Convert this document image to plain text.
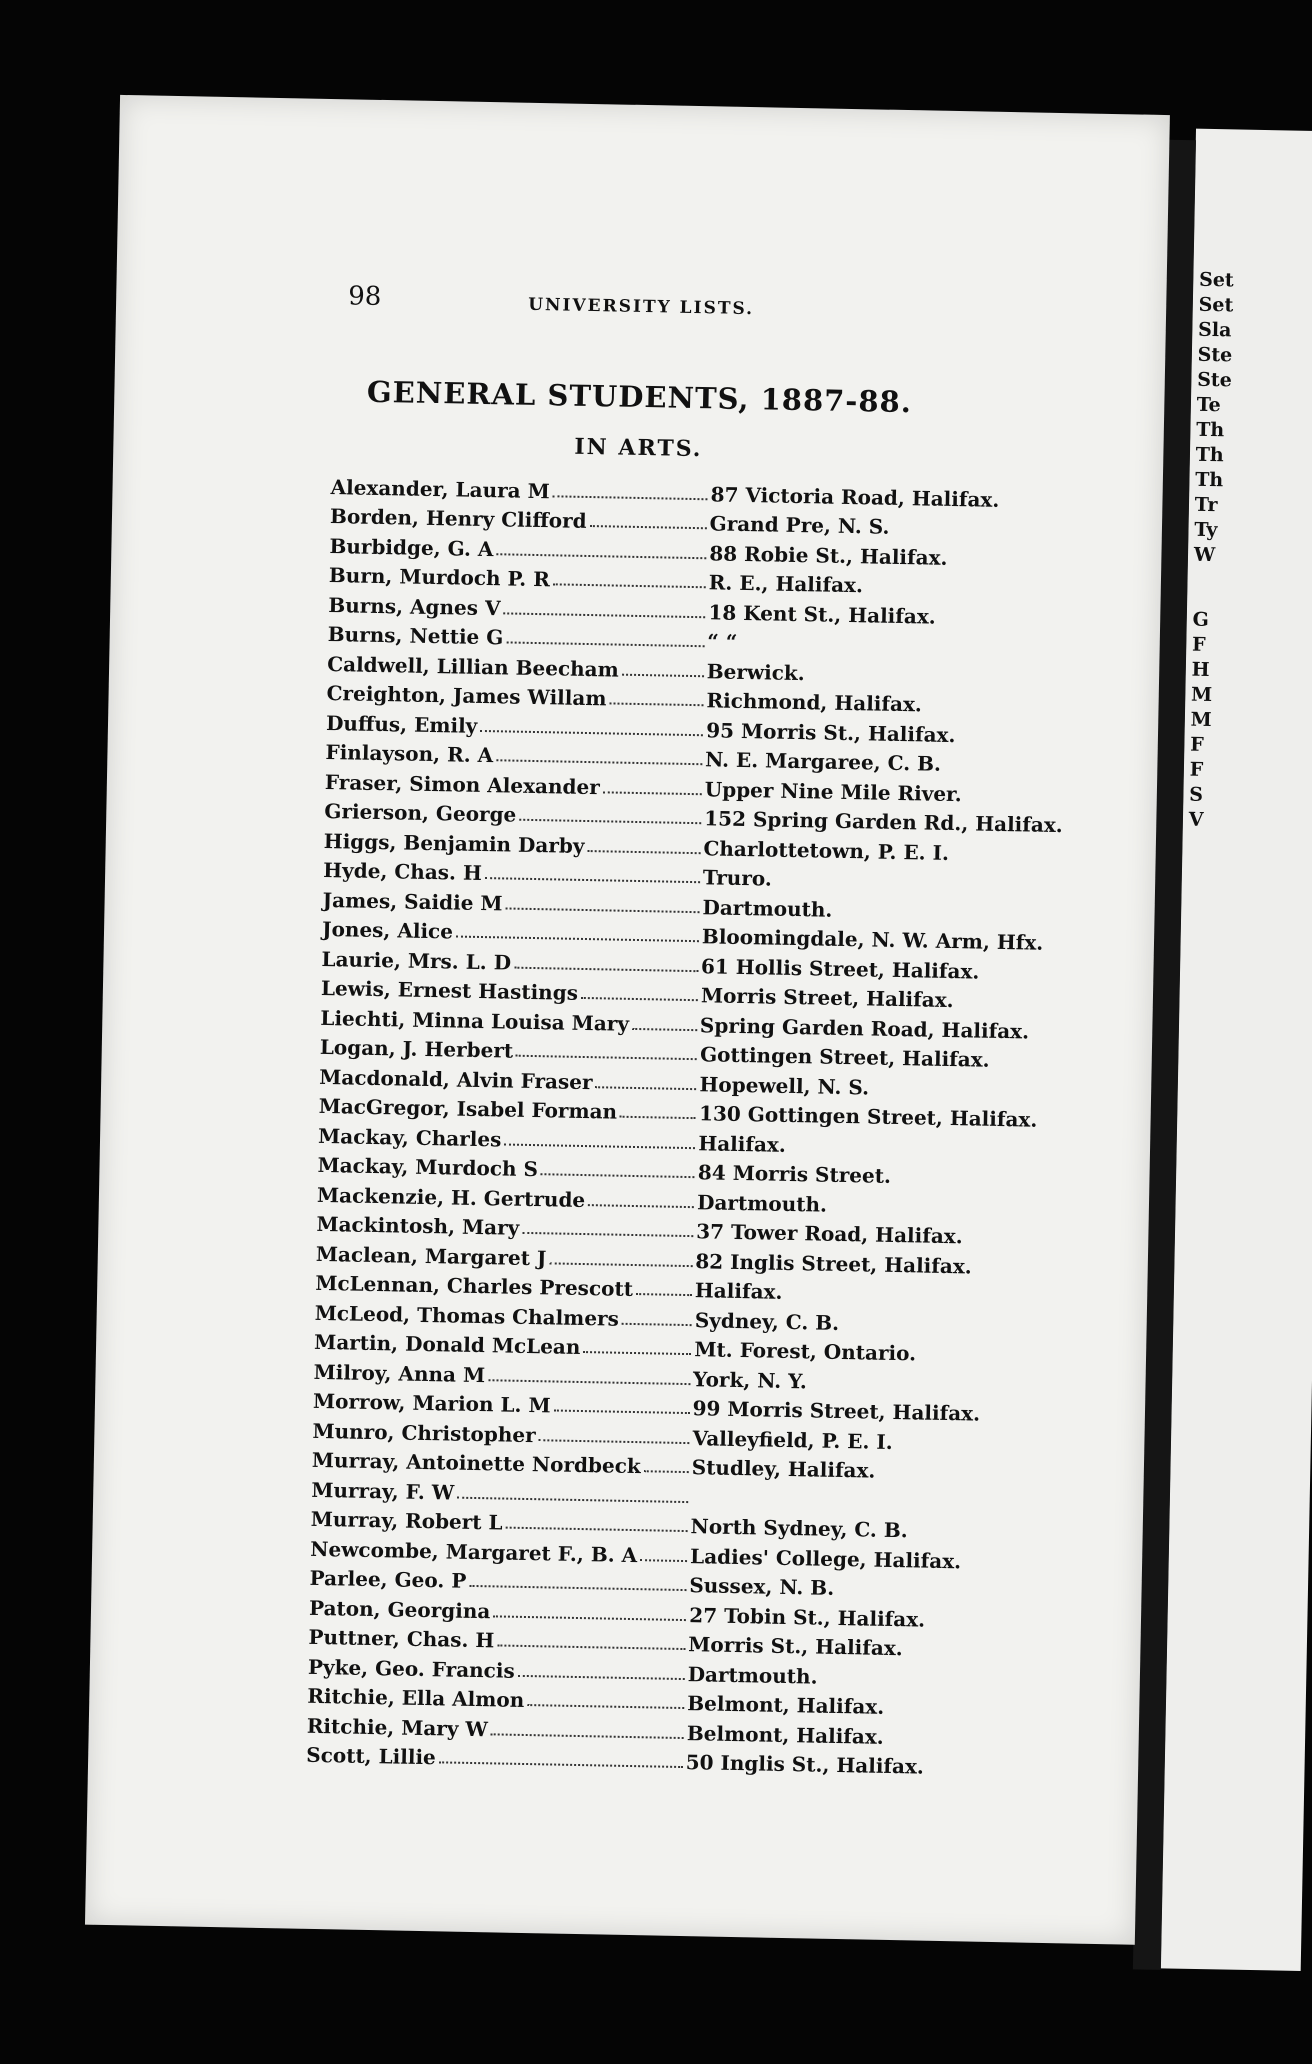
Set
Set
Sla
Ste
Ste
Te
Th
Th
Th
Tr
Ty
W
G
F
H
M
M
F
F
S
V
98	UNIVERSITY LISTS.
GENERAL STUDENTS, 1887-88.
IN ARTS.
Alexander, Laura M	87 Victoria Road, Halifax.
Borden, Henry Clifford	Grand Pre, N. S.
Burbidge, G. A	88 Robie St., Halifax.
Burn, Murdoch P. R	R. E., Halifax.
Burns, Agnes V	18 Kent St., Halifax.
Burns, Nettie G	“ “
Caldwell, Lillian Beecham	Berwick.
Creighton, James Willam	Richmond, Halifax.
Duffus, Emily	95 Morris St., Halifax.
Finlayson, R. A	N. E. Margaree, C. B.
Fraser, Simon Alexander	Upper Nine Mile River.
Grierson, George	152 Spring Garden Rd., Halifax.
Higgs, Benjamin Darby	Charlottetown, P. E. I.
Hyde, Chas. H	Truro.
James, Saidie M	Dartmouth.
Jones, Alice	Bloomingdale, N. W. Arm, Hfx.
Laurie, Mrs. L. D	61 Hollis Street, Halifax.
Lewis, Ernest Hastings	Morris Street, Halifax.
Liechti, Minna Louisa Mary	Spring Garden Road, Halifax.
Logan, J. Herbert	Gottingen Street, Halifax.
Macdonald, Alvin Fraser	Hopewell, N. S.
MacGregor, Isabel Forman	130 Gottingen Street, Halifax.
Mackay, Charles	Halifax.
Mackay, Murdoch S	84 Morris Street.
Mackenzie, H. Gertrude	Dartmouth.
Mackintosh, Mary	37 Tower Road, Halifax.
Maclean, Margaret J	82 Inglis Street, Halifax.
McLennan, Charles Prescott	Halifax.
McLeod, Thomas Chalmers	Sydney, C. B.
Martin, Donald McLean	Mt. Forest, Ontario.
Milroy, Anna M	York, N. Y.
Morrow, Marion L. M	99 Morris Street, Halifax.
Munro, Christopher	Valleyfield, P. E. I.
Murray, Antoinette Nordbeck	Studley, Halifax.
Murray, F. W
Murray, Robert L	North Sydney, C. B.
Newcombe, Margaret F., B. A	Ladies' College, Halifax.
Parlee, Geo. P	Sussex, N. B.
Paton, Georgina	27 Tobin St., Halifax.
Puttner, Chas. H	Morris St., Halifax.
Pyke, Geo. Francis	Dartmouth.
Ritchie, Ella Almon	Belmont, Halifax.
Ritchie, Mary W	Belmont, Halifax.
Scott, Lillie	50 Inglis St., Halifax.
